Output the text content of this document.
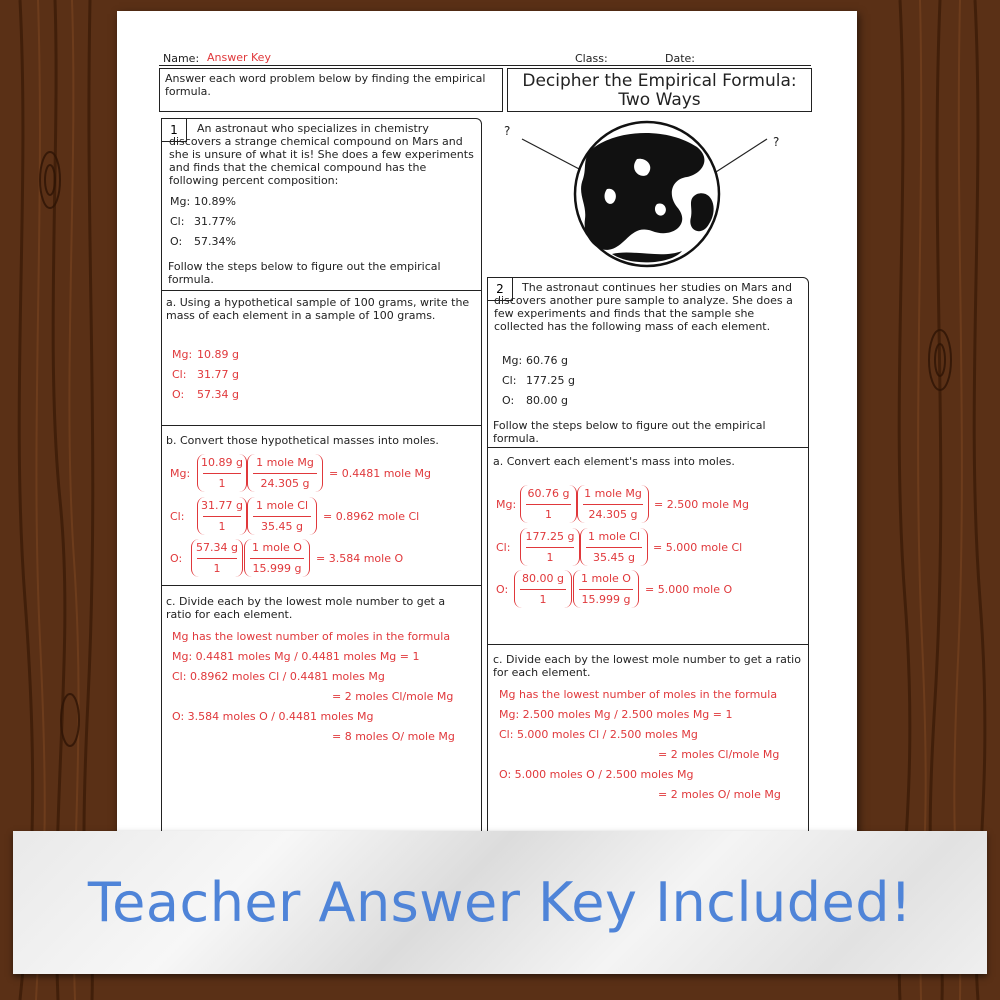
Name: Answer Key	Class:	Date:
Answer each word problem below by finding the empirical formula.
Decipher the Empirical Formula:
Two Ways
1	An astronaut who specializes in chemistry discovers a strange chemical compound on Mars and she is unsure of what it is! She does a few experiments and finds that the chemical compound has the following percent composition:
Mg: 10.89%
Cl: 31.77%
O: 57.34%
Follow the steps below to figure out the empirical formula.
a. Using a hypothetical sample of 100 grams, write the mass of each element in a sample of 100 grams.
Mg: 10.89 g
Cl: 31.77 g
O: 57.34 g
b. Convert those hypothetical masses into moles.
Mg:
10.89 g
1
1 mole Mg
24.305 g
= 0.4481 mole Mg
Cl:
31.77 g
1
1 mole Cl
35.45 g
= 0.8962 mole Cl
O:
57.34 g
1
1 mole O
15.999 g
= 3.584 mole O
c. Divide each by the lowest mole number to get a ratio for each element.
Mg has the lowest number of moles in the formula
Mg: 0.4481 moles Mg / 0.4481 moles Mg = 1
Cl: 0.8962 moles Cl / 0.4481 moles Mg
= 2 moles Cl/mole Mg
O: 3.584 moles O / 0.4481 moles Mg
= 8 moles O/ mole Mg
?
?
2	The astronaut continues her studies on Mars and discovers another pure sample to analyze. She does a few experiments and finds that the sample she collected has the following mass of each element.
Mg: 60.76 g
Cl: 177.25 g
O: 80.00 g
Follow the steps below to figure out the empirical formula.
a. Convert each element's mass into moles.
Mg:
60.76 g
1
1 mole Mg
24.305 g
= 2.500 mole Mg
Cl:
177.25 g
1
1 mole Cl
35.45 g
= 5.000 mole Cl
O:
80.00 g
1
1 mole O
15.999 g
= 5.000 mole O
c. Divide each by the lowest mole number to get a ratio for each element.
Mg has the lowest number of moles in the formula
Mg: 2.500 moles Mg / 2.500 moles Mg = 1
Cl: 5.000 moles Cl / 2.500 moles Mg
= 2 moles Cl/mole Mg
O: 5.000 moles O / 2.500 moles Mg
= 2 moles O/ mole Mg
Teacher Answer Key Included!
